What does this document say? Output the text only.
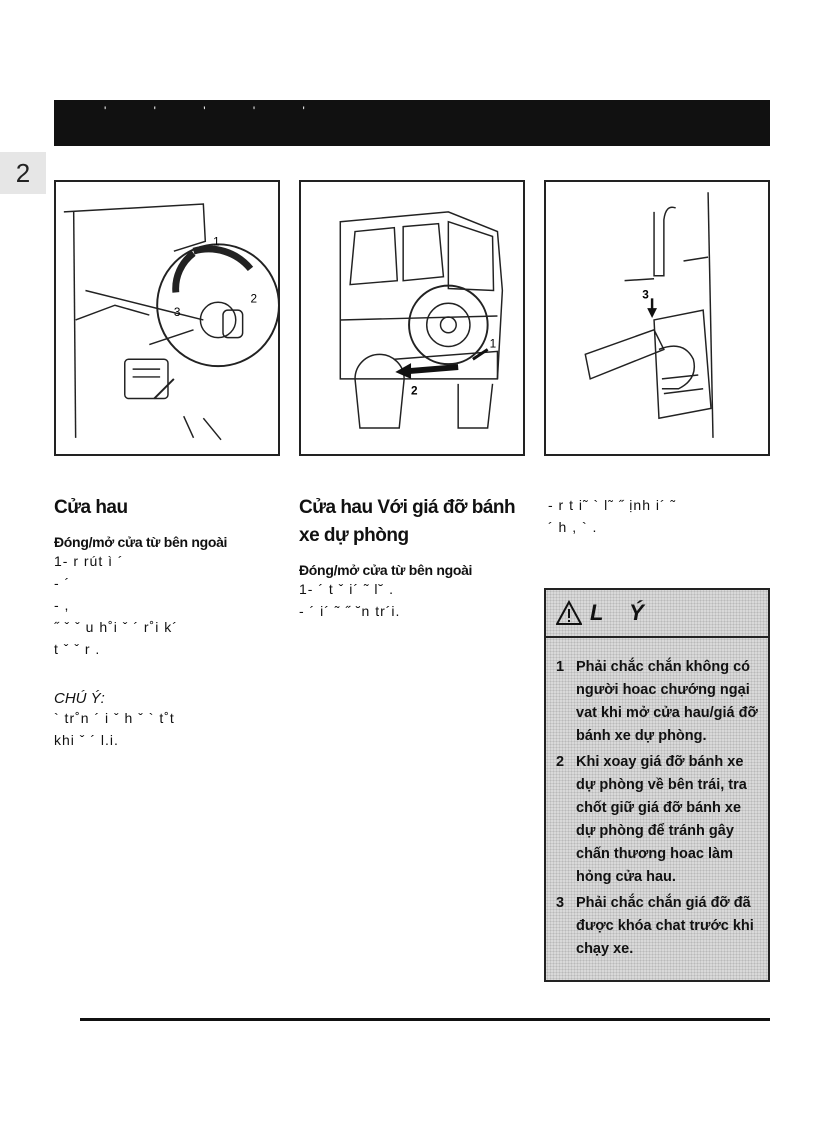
' ' ' ' '
2
1
2
3
1
2
3
Cửa hau
Đóng/mở cửa từ bên ngoài
1- r rút ì ´
- ´
- ,
˝ ˇ ˇ u h˚i ˇ ´ r˚i k´
t ˇ ˇ r .
CHÚ Ý:
` tr˚n ´ i ˇ h ˇ ` t˚t
khi ˇ ´ l.i.
Cửa hau Với giá đỡ bánh xe dự phòng
Đóng/mở cửa từ bên ngoài
1- ´ t ˇ i´ ˜ l˘ .
- ´ i´ ˜ ˝ ˘n tr´i.
- r t i˜ ` l˜ ˝ ịnh i´ ˜
´ h , ` .
L Ý
1 Phải chắc chắn không có người hoac chướng ngại vat khi mở cửa hau/giá đỡ bánh xe dự phòng.
2 Khi xoay giá đỡ bánh xe dự phòng về bên trái, tra chốt giữ giá đỡ bánh xe dự phòng để tránh gây chấn thương hoac làm hỏng cửa hau.
3 Phải chắc chắn giá đỡ đã được khóa chat trước khi chạy xe.
